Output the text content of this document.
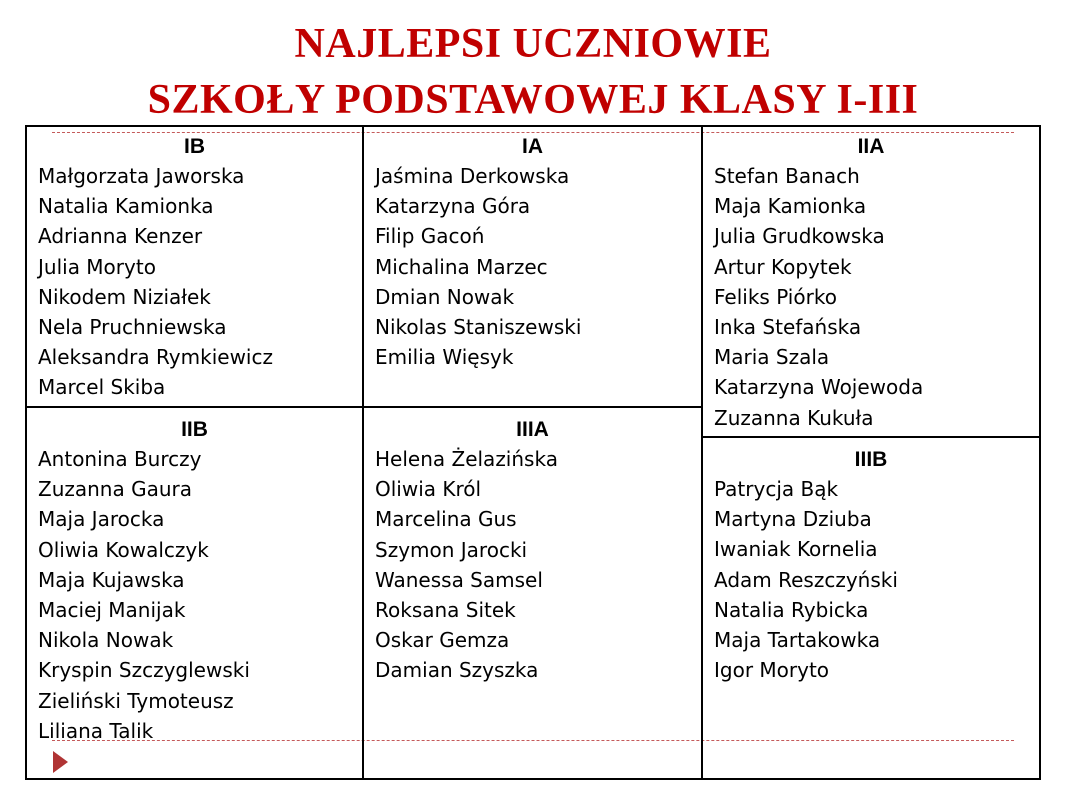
NAJLEPSI UCZNIOWIE
SZKOŁY PODSTAWOWEJ KLASY I-III
IB
Małgorzata Jaworska
Natalia Kamionka
Adrianna Kenzer
Julia Moryto
Nikodem Niziałek
Nela Pruchniewska
Aleksandra Rymkiewicz
Marcel Skiba
IA
Jaśmina Derkowska
Katarzyna Góra
Filip Gacoń
Michalina Marzec
Dmian Nowak
Nikolas Staniszewski
Emilia Więsyk
IIA
Stefan Banach
Maja Kamionka
Julia Grudkowska
Artur Kopytek
Feliks Piórko
Inka Stefańska
Maria Szala
Katarzyna Wojewoda
Zuzanna Kukuła
IIB
Antonina Burczy
Zuzanna Gaura
Maja Jarocka
Oliwia Kowalczyk
Maja Kujawska
Maciej Manijak
Nikola Nowak
Kryspin Szczyglewski
Zieliński Tymoteusz
Liliana Talik
IIIA
Helena Żelazińska
Oliwia Król
Marcelina Gus
Szymon Jarocki
Wanessa Samsel
Roksana Sitek
Oskar Gemza
Damian Szyszka
IIIB
Patrycja Bąk
Martyna Dziuba
Iwaniak Kornelia
Adam Reszczyński
Natalia Rybicka
Maja Tartakowka
Igor Moryto
